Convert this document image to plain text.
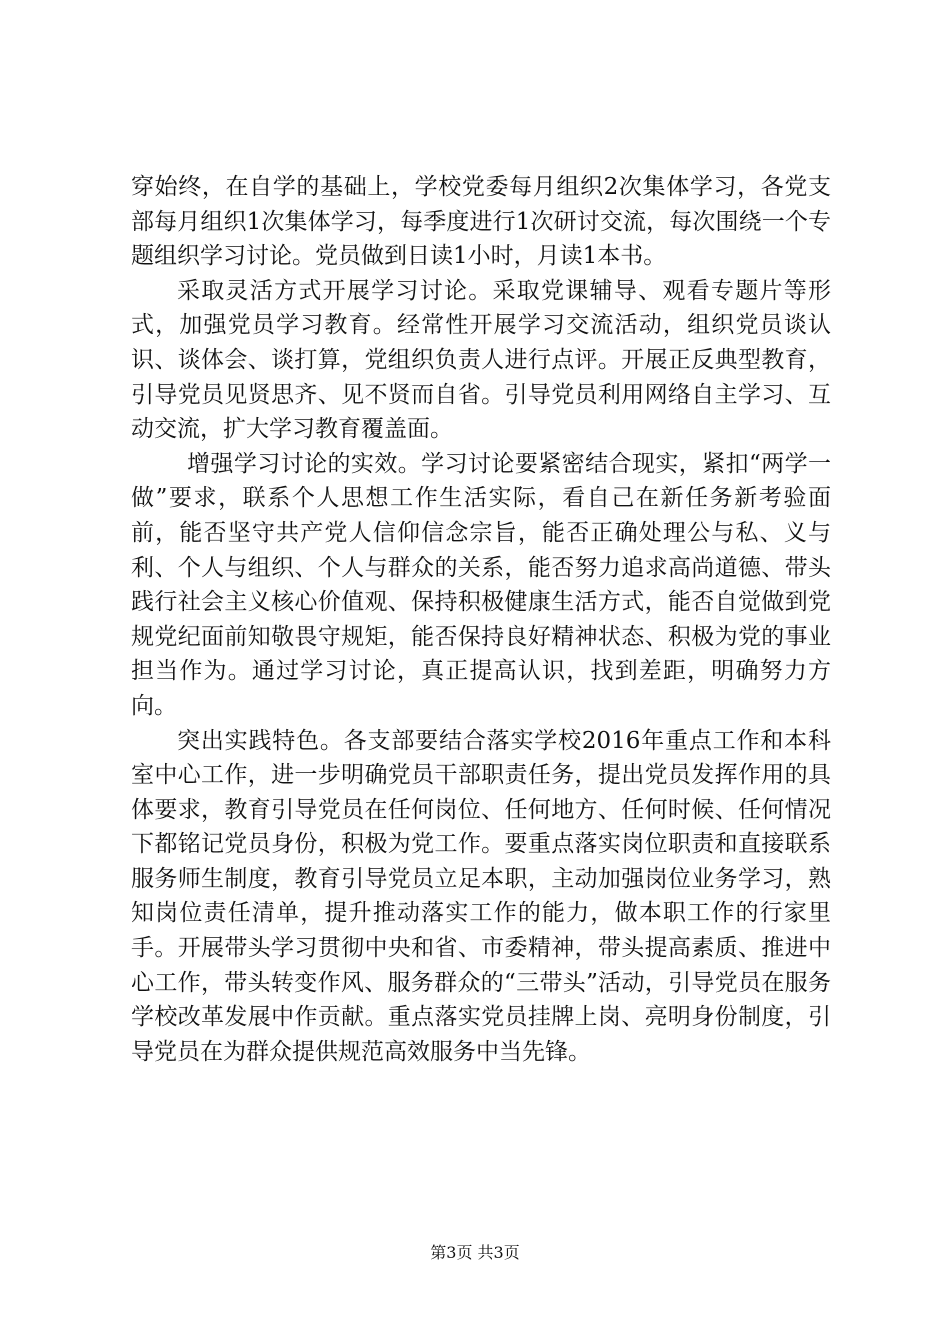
穿始终，在自学的基础上，学校党委每月组织2次集体学习，各党支部每月组织1次集体学习，每季度进行1次研讨交流，每次围绕一个专题组织学习讨论。党员做到日读1小时，月读1本书。

采取灵活方式开展学习讨论。采取党课辅导、观看专题片等形式，加强党员学习教育。经常性开展学习交流活动，组织党员谈认识、谈体会、谈打算，党组织负责人进行点评。开展正反典型教育，引导党员见贤思齐、见不贤而自省。引导党员利用网络自主学习、互动交流，扩大学习教育覆盖面。

增强学习讨论的实效。学习讨论要紧密结合现实，紧扣“两学一做”要求，联系个人思想工作生活实际，看自己在新任务新考验面前，能否坚守共产党人信仰信念宗旨，能否正确处理公与私、义与利、个人与组织、个人与群众的关系，能否努力追求高尚道德、带头践行社会主义核心价值观、保持积极健康生活方式，能否自觉做到党规党纪面前知敬畏守规矩，能否保持良好精神状态、积极为党的事业担当作为。通过学习讨论，真正提高认识，找到差距，明确努力方向。

突出实践特色。各支部要结合落实学校2016年重点工作和本科室中心工作，进一步明确党员干部职责任务，提出党员发挥作用的具体要求，教育引导党员在任何岗位、任何地方、任何时候、任何情况下都铭记党员身份，积极为党工作。要重点落实岗位职责和直接联系服务师生制度，教育引导党员立足本职，主动加强岗位业务学习，熟知岗位责任清单，提升推动落实工作的能力，做本职工作的行家里手。开展带头学习贯彻中央和省、市委精神，带头提高素质、推进中心工作，带头转变作风、服务群众的“三带头”活动，引导党员在服务学校改革发展中作贡献。重点落实党员挂牌上岗、亮明身份制度，引导党员在为群众提供规范高效服务中当先锋。

第3页 共3页
